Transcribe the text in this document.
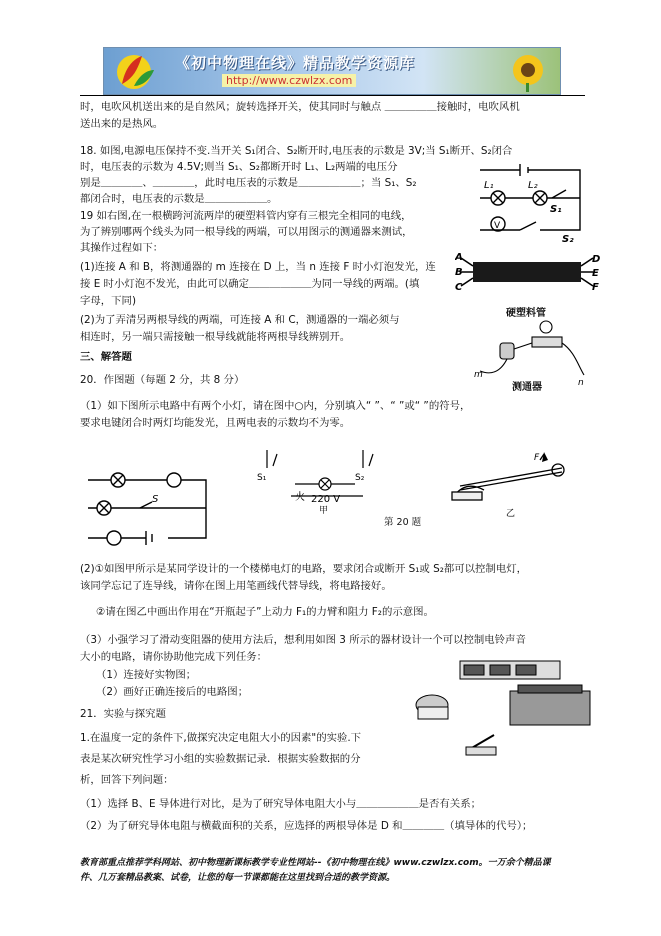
《初中物理在线》精品教学资源库
http://www.czwlzx.com
时，电吹风机送出来的是自然风；旋转选择开关，使其同时与触点 ＿＿＿＿＿接触时，电吹风机
送出来的是热风。
18. 如图,电源电压保持不变.当开关 S₁闭合、S₂断开时,电压表的示数是 3V;当 S₁断开、S₂闭合
时，电压表的示数为 4.5V;则当 S₁、S₂都断开时 L₁、L₂两端的电压分
别是＿＿＿＿、＿＿＿＿，此时电压表的示数是＿＿＿＿＿＿；当 S₁、S₂
都闭合时，电压表的示数是＿＿＿＿＿＿。
19 如右图,在一根横跨河流两岸的硬塑料管内穿有三根完全相同的电线，
为了辨别哪两个线头为同一根导线的两端，可以用图示的测通器来测试，
其操作过程如下：
(1)连接 A 和 B，将测通器的 m 连接在 D 上，当 n 连接 F 时小灯泡发光，连
接 E 时小灯泡不发光，由此可以确定＿＿＿＿＿＿为同一导线的两端。(填
字母，下同)
(2)为了弄清另两根导线的两端，可连接 A 和 C，测通器的一端必须与
相连时，另一端只需接触一根导线就能将两根导线辨别开。
L₁	L₂
S₁
S₂
V
A
B
C
D
E
F
硬塑料管
m
n
测通器
三、解答题
20．作图题（每题 2 分，共 8 分）
（1）如下图所示电路中有两个小灯，请在图中○内，分别填入“ ”、“ ”或“ ”的符号，
要求电键闭合时两灯均能发光，且两电表的示数均不为零。
S
S₁	S₂
火 220 V
甲
第 20 题
F
乙
(2)①如图甲所示是某同学设计的一个楼梯电灯的电路，要求闭合或断开 S₁或 S₂都可以控制电灯，
该同学忘记了连导线，请你在图上用笔画线代替导线，将电路接好。
②请在图乙中画出作用在“开瓶起子”上动力 F₁的力臂和阻力 F₂的示意图。
（3）小强学习了滑动变阻器的使用方法后，想利用如图 3 所示的器材设计一个可以控制电铃声音
大小的电路，请你协助他完成下列任务：
（1）连接好实物图；
（2）画好正确连接后的电路图；
21．实验与探究题
1.在温度一定的条件下,做探究决定电阻大小的因素"的实验.下
表是某次研究性学习小组的实验数据记录．根据实验数据的分
析，回答下列问题：
（1）选择 B、E 导体进行对比，是为了研究导体电阻大小与＿＿＿＿＿＿是否有关系；
（2）为了研究导体电阻与横截面积的关系，应选择的两根导体是 D 和＿＿＿＿（填导体的代号）；
教育部重点推荐学科网站、初中物理新课标教学专业性网站--《初中物理在线》www.czwlzx.com。一万余个精品课
件、几万套精品教案、试卷，让您的每一节课都能在这里找到合适的教学资源。
